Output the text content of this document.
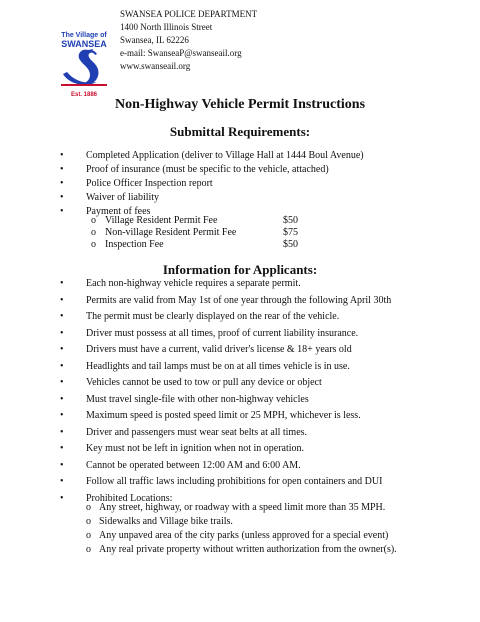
The Village of
SWANSEA
Est. 1886
SWANSEA POLICE DEPARTMENT
1400 North Illinois Street
Swansea, IL 62226
e-mail: SwanseaP@swanseail.org
www.swanseail.org
Non-Highway Vehicle Permit Instructions
Submittal Requirements:
• Completed Application (deliver to Village Hall at 1444 Boul Avenue)
• Proof of insurance (must be specific to the vehicle, attached)
• Police Officer Inspection report
• Waiver of liability
• Payment of fees
o Village Resident Permit Fee	$50
o Non-village Resident Permit Fee	$75
o Inspection Fee	$50
Information for Applicants:
• Each non-highway vehicle requires a separate permit.
• Permits are valid from May 1st of one year through the following April 30th
• The permit must be clearly displayed on the rear of the vehicle.
• Driver must possess at all times, proof of current liability insurance.
• Drivers must have a current, valid driver's license & 18+ years old
• Headlights and tail lamps must be on at all times vehicle is in use.
• Vehicles cannot be used to tow or pull any device or object
• Must travel single-file with other non-highway vehicles
• Maximum speed is posted speed limit or 25 MPH, whichever is less.
• Driver and passengers must wear seat belts at all times.
• Key must not be left in ignition when not in operation.
• Cannot be operated between 12:00 AM and 6:00 AM.
• Follow all traffic laws including prohibitions for open containers and DUI
• Prohibited Locations:
o Any street, highway, or roadway with a speed limit more than 35 MPH.
o Sidewalks and Village bike trails.
o Any unpaved area of the city parks (unless approved for a special event)
o Any real private property without written authorization from the owner(s).
